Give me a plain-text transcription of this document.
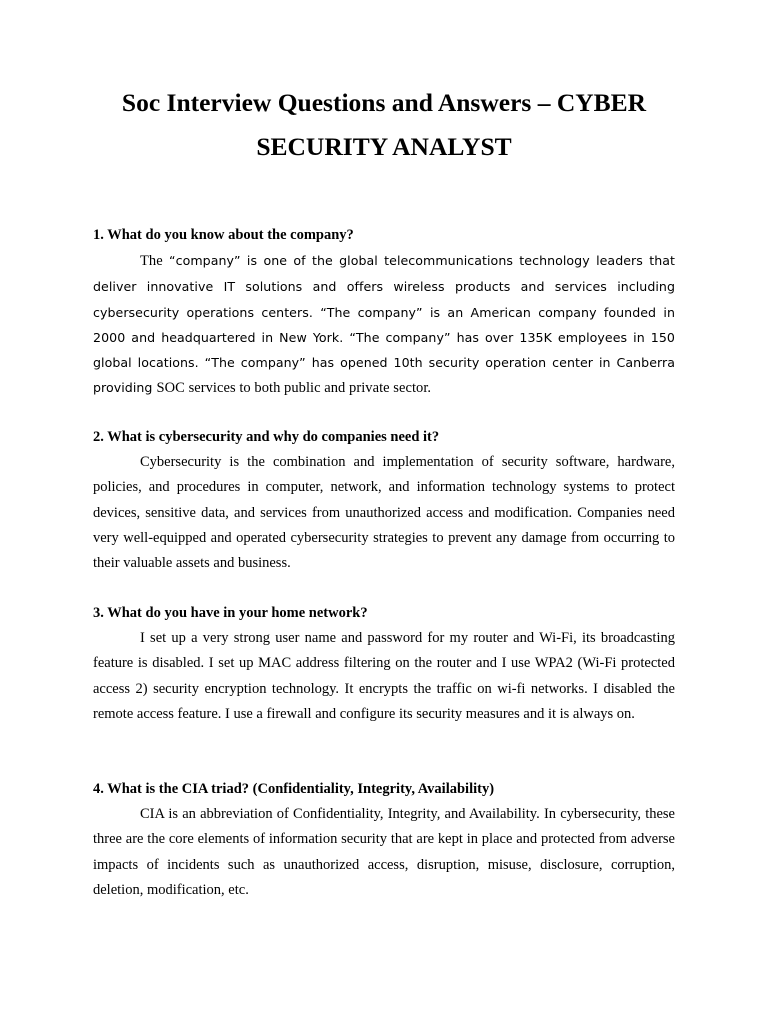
Soc Interview Questions and Answers – CYBER
SECURITY ANALYST

1. What do you know about the company?

The “company” is one of the global telecommunications technology leaders that deliver innovative IT solutions and offers wireless products and services including cybersecurity operations centers. “The company” is an American company founded in 2000 and headquartered in New York. “The company” has over 135K employees in 150 global locations. “The company” has opened 10th security operation center in Canberra providing SOC services to both public and private sector.

2. What is cybersecurity and why do companies need it?

Cybersecurity is the combination and implementation of security software, hardware, policies, and procedures in computer, network, and information technology systems to protect devices, sensitive data, and services from unauthorized access and modification. Companies need very well-equipped and operated cybersecurity strategies to prevent any damage from occurring to their valuable assets and business.

3. What do you have in your home network?

I set up a very strong user name and password for my router and Wi-Fi, its broadcasting feature is disabled. I set up MAC address filtering on the router and I use WPA2 (Wi-Fi protected access 2) security encryption technology. It encrypts the traffic on wi-fi networks. I disabled the remote access feature. I use a firewall and configure its security measures and it is always on.

4. What is the CIA triad? (Confidentiality, Integrity, Availability)

CIA is an abbreviation of Confidentiality, Integrity, and Availability. In cybersecurity, these three are the core elements of information security that are kept in place and protected from adverse impacts of incidents such as unauthorized access, disruption, misuse, disclosure, corruption, deletion, modification, etc.
